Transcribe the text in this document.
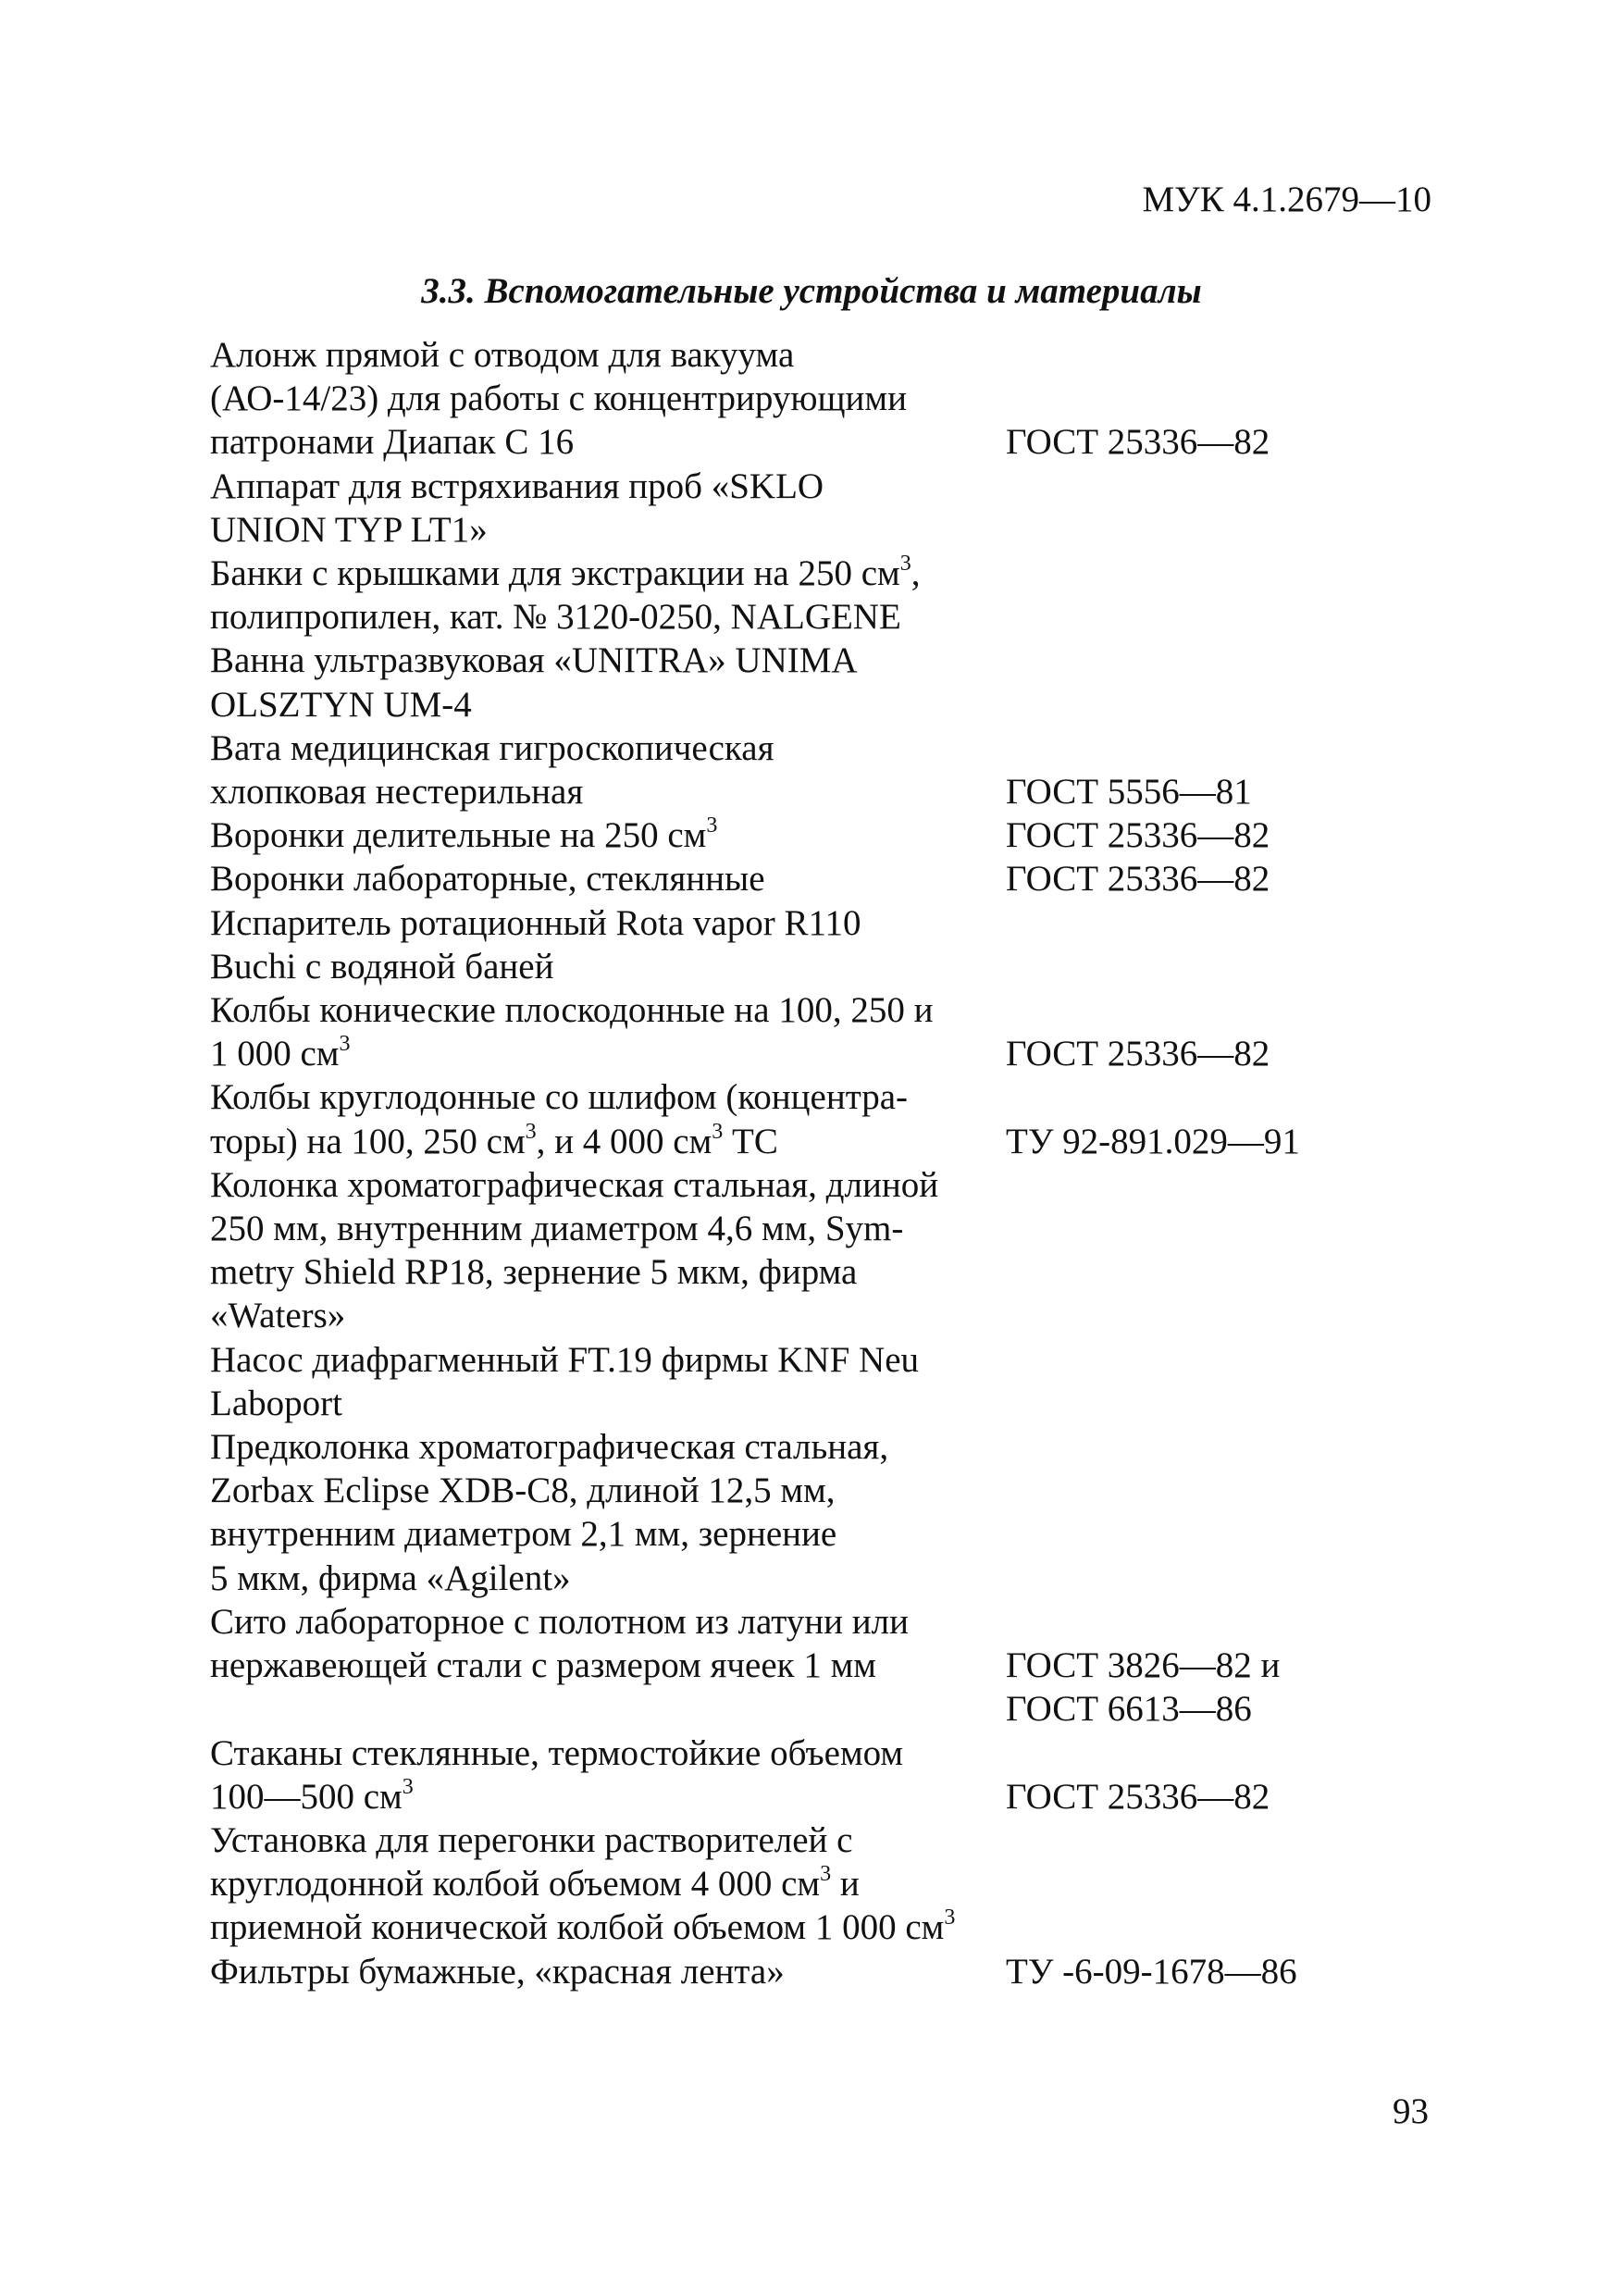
МУК 4.1.2679—10
3.3. Вспомогательные устройства и материалы
Алонж прямой с отводом для вакуума
(АО-14/23) для работы с концентрирующими
патронами Диапак С 16	ГОСТ 25336—82
Аппарат для встряхивания проб «SKLO
UNION TYP LT1»
Банки с крышками для экстракции на 250 $см^3$,
полипропилен, кат. № 3120-0250, NALGENE
Ванна ультразвуковая «UNITRA» UNIMA
OLSZTYN UM-4
Вата медицинская гигроскопическая
хлопковая нестерильная	ГОСТ 5556—81
Воронки делительные на 250 $см^3$	ГОСТ 25336—82
Воронки лабораторные, стеклянные	ГОСТ 25336—82
Испаритель ротационный Rota vapor R110
Buchi с водяной баней
Колбы конические плоскодонные на 100, 250 и
1 000 $см^3$	ГОСТ 25336—82
Колбы круглодонные со шлифом (концентра-
торы) на 100, 250 $см^3$, и 4 000 $см^3$ ТС	ТУ 92-891.029—91
Колонка хроматографическая стальная, длиной
250 мм, внутренним диаметром 4,6 мм, Sym-
metry Shield RP18, зернение 5 мкм, фирма
«Waters»
Насос диафрагменный FT.19 фирмы KNF Neu
Laboport
Предколонка хроматографическая стальная,
Zorbax Eclipse XDB-C8, длиной 12,5 мм,
внутренним диаметром 2,1 мм, зернение
5 мкм, фирма «Agilent»
Сито лабораторное с полотном из латуни или
нержавеющей стали с размером ячеек 1 мм	ГОСТ 3826—82 и
ГОСТ 6613—86
Стаканы стеклянные, термостойкие объемом
100—500 $см^3$	ГОСТ 25336—82
Установка для перегонки растворителей с
круглодонной колбой объемом 4 000 $см^3$ и
приемной конической колбой объемом 1 000 $см^3$
Фильтры бумажные, «красная лента»	ТУ -6-09-1678—86
93
